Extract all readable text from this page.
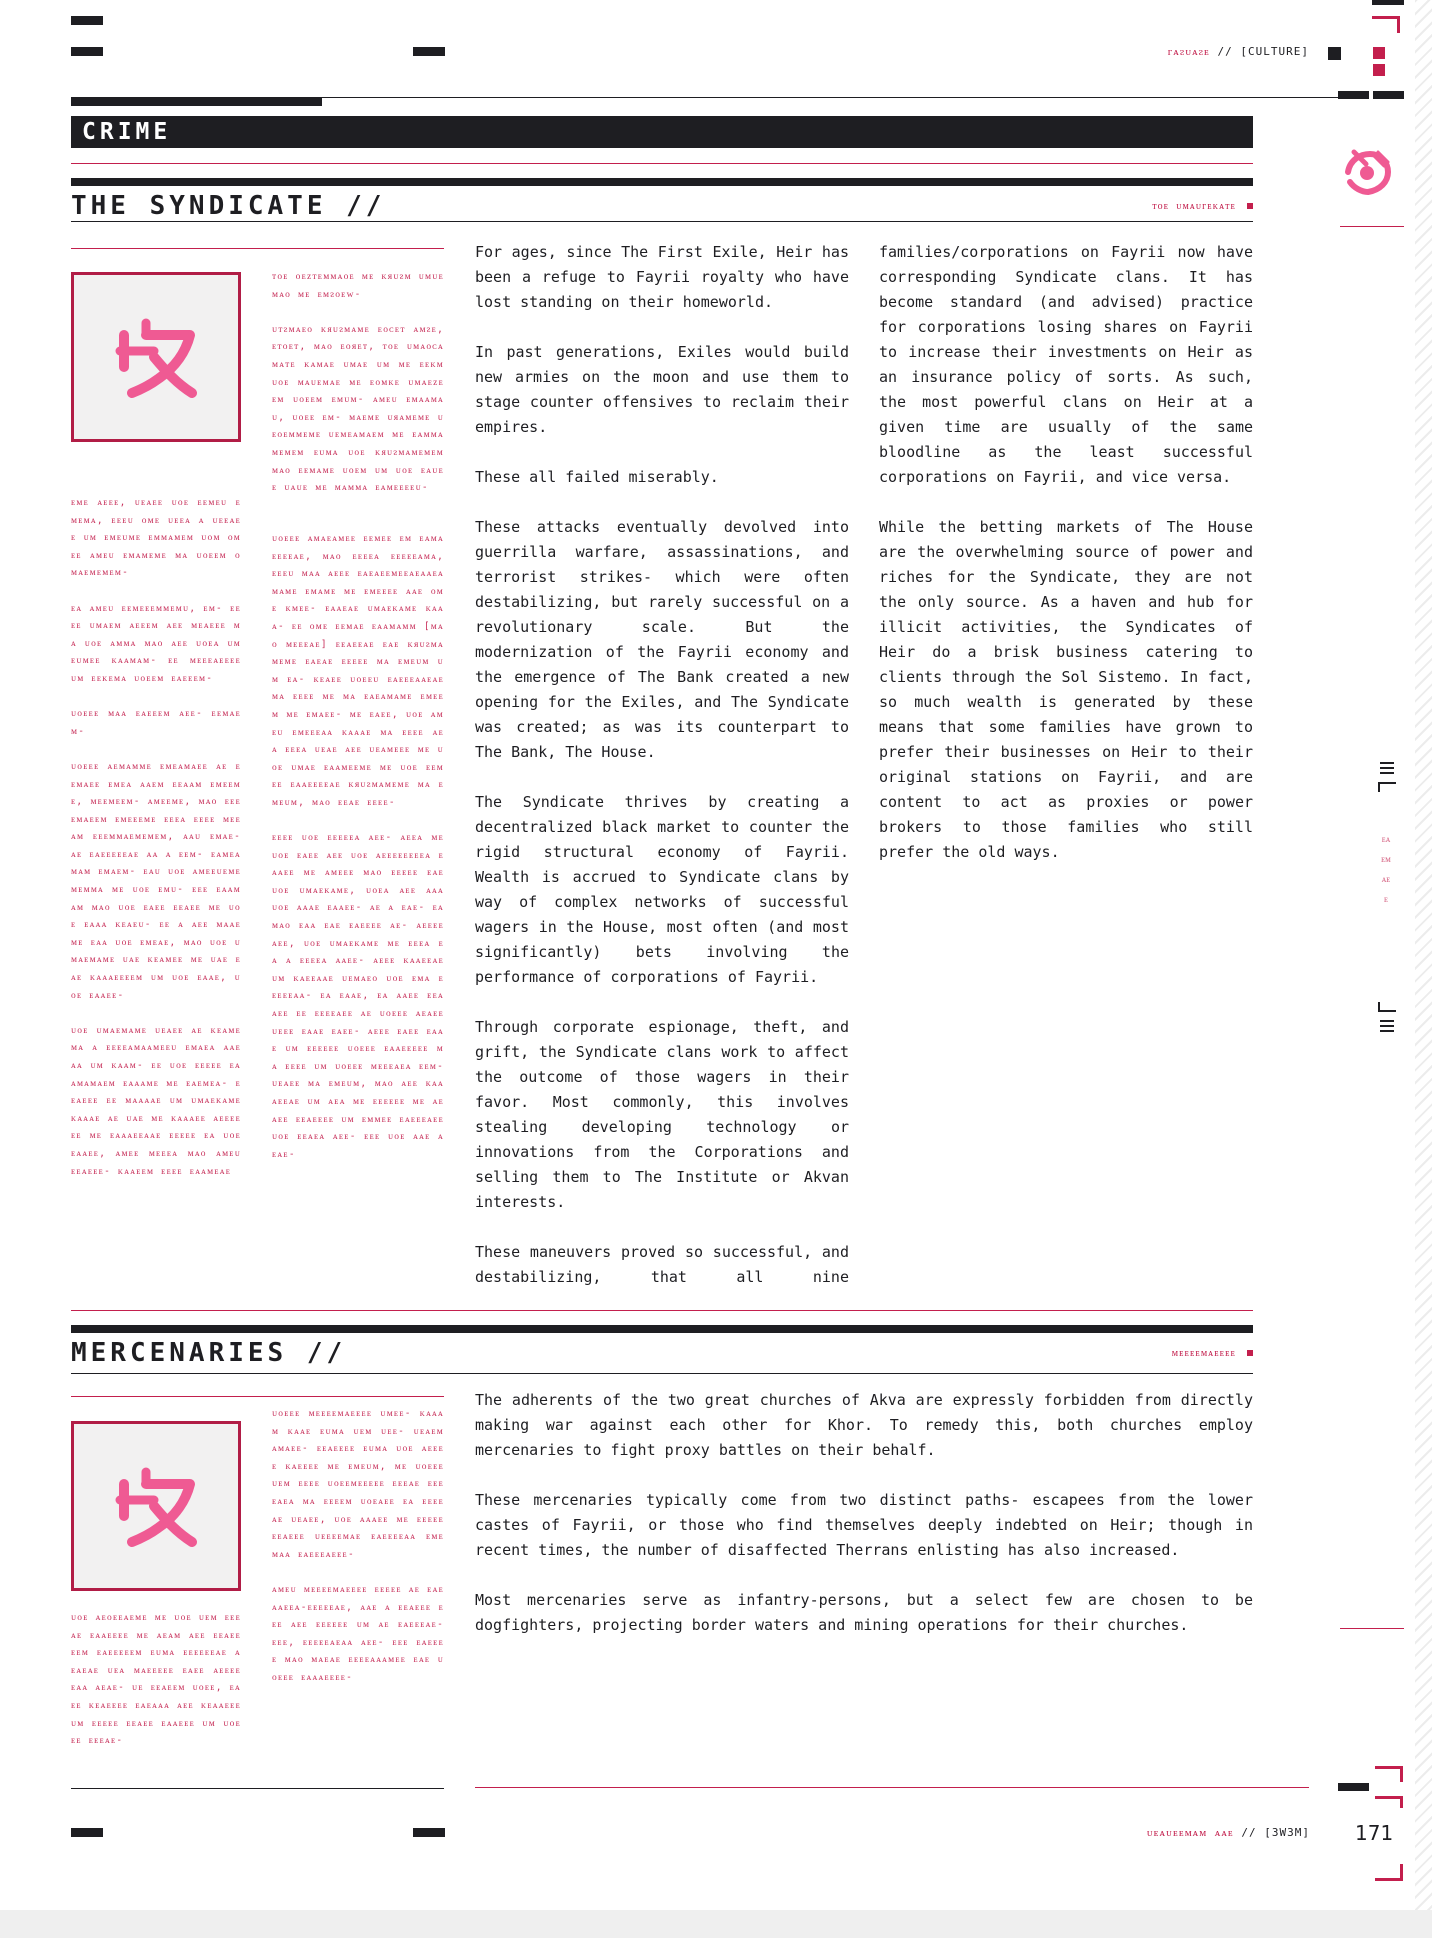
ᴦᴀᴤᴜᴀᴤᴇ // [CULTURE]
CRIME
ᴇᴀᴇᴍᴀᴇᴇ
THE SYNDICATE //	ᴛᴏᴇ ᴜᴍᴀᴜᴦᴇᴋᴀᴛᴇ

ᴛᴏᴇ ᴏᴇᴢᴛᴇᴍᴍᴀᴏᴇ ᴍᴇ ᴋᴙᴜᴤᴍ ᴜᴍᴜᴇᴍᴀᴏ ᴍᴇ ᴇᴍᴤᴏᴇᴡ-

ᴜᴛᴤᴍᴀᴇᴏ ᴋᴙᴜᴤᴍᴀᴍᴇ ᴇᴏᴄᴇᴛ ᴀᴍᴤᴇ, ᴇᴛᴏᴇᴛ, ᴍᴀᴏ ᴇᴏᴙᴇᴛ, ᴛᴏᴇ ᴜᴍᴀᴏᴄᴀᴍᴀᴛᴇ ᴋᴀᴍᴀᴇ ᴜᴍᴀᴇ ᴜᴍ ᴍᴇ ᴇᴇᴋᴍ ᴜᴏᴇ ᴍᴀᴜᴇᴍᴀᴇ ᴍᴇ ᴇᴏᴍᴋᴇ ᴜᴍᴀᴇᴢᴇ ᴇᴍ ᴜᴏᴇᴇᴍ ᴇᴍᴜᴍ- ᴀᴍᴇᴜ ᴇᴍᴀᴀᴍᴀᴜ, ᴜᴏᴇᴇ ᴇᴍ- ᴍᴀᴇᴍᴇ ᴜᴙᴀᴍᴇᴍᴇ ᴜᴇᴏᴇᴍᴍᴇᴍᴇ ᴜᴇᴍᴇᴀᴍᴀᴇᴍ ᴍᴇ ᴇᴀᴍᴍᴀᴍᴇᴍᴇᴍ ᴇᴜᴍᴀ ᴜᴏᴇ ᴋᴙᴜᴤᴍᴀᴍᴇᴍᴇᴍ ᴍᴀᴏ ᴇᴇᴍᴀᴍᴇ ᴜᴏᴇᴍ ᴜᴍ ᴜᴏᴇ ᴇᴀᴜᴇᴇ ᴜᴀᴜᴇ ᴍᴇ ᴍᴀᴍᴍᴀ ᴇᴀᴍᴇᴇᴇᴇᴜ-

ᴇᴍᴇ ᴀᴇᴇᴇ, ᴜᴇᴀᴇᴇ ᴜᴏᴇ ᴇᴇᴍᴇᴜ ᴇᴍᴇᴍᴀ, ᴇᴇᴇᴜ ᴏᴍᴇ ᴜᴇᴇᴀ ᴀ ᴜᴇᴇᴀᴇᴇ ᴜᴍ ᴇᴍᴇᴜᴍᴇ ᴇᴍᴍᴀᴍᴇᴍ ᴜᴏᴍ ᴏᴍᴇᴇ ᴀᴍᴇᴜ ᴇᴍᴀᴍᴇᴍᴇ ᴍᴀ ᴜᴏᴇᴇᴍ ᴏᴍᴀᴇᴍᴇᴍᴇᴍ-

ᴇᴀ ᴀᴍᴇᴜ ᴇᴇᴍᴇᴇᴇᴍᴍᴇᴍᴜ, ᴇᴍ- ᴇᴇᴇᴇ ᴜᴍᴀᴇᴍ ᴀᴇᴇᴇᴍ ᴀᴇᴇ ᴍᴇᴀᴇᴇᴇ ᴍᴀ ᴜᴏᴇ ᴀᴍᴍᴀ ᴍᴀᴏ ᴀᴇᴇ ᴜᴏᴇᴀ ᴜᴍ ᴇᴜᴍᴇᴇ ᴋᴀᴀᴍᴀᴍ- ᴇᴇ ᴍᴇᴇᴇᴀᴇᴇᴇᴇ ᴜᴍ ᴇᴇᴋᴇᴍᴀ ᴜᴏᴇᴇᴍ ᴇᴀᴇᴇᴇᴍ-

ᴜᴏᴇᴇᴇ ᴍᴀᴀ ᴇᴀᴇᴇᴇᴍ ᴀᴇᴇ- ᴇᴇᴍᴀᴇᴍ-

ᴜᴏᴇᴇᴇ ᴀᴇᴍᴀᴍᴍᴇ ᴇᴍᴇᴀᴍᴀᴇᴇ ᴀᴇ ᴇᴇᴍᴀᴇᴇ ᴇᴍᴇᴀ ᴀᴀᴇᴍ ᴇᴇᴀᴀᴍ ᴇᴍᴇᴇᴍᴇ, ᴍᴇᴇᴍᴇᴇᴍ- ᴀᴍᴇᴇᴍᴇ, ᴍᴀᴏ ᴇᴇᴇᴇᴍᴀᴇᴇᴍ ᴇᴍᴇᴇᴇᴍᴇ ᴇᴇᴇᴀ ᴇᴇᴇᴇ ᴍᴇᴇᴀᴍ ᴇᴇᴇᴍᴍᴀᴇᴍᴇᴍᴇᴍ, ᴀᴀᴜ ᴇᴍᴀᴇ- ᴀᴇ ᴇᴀᴇᴇᴇᴇᴇᴀᴇ ᴀᴀ ᴀ ᴇᴇᴍ- ᴇᴀᴍᴇᴀᴍᴀᴍ ᴇᴍᴀᴇᴍ- ᴇᴀᴜ ᴜᴏᴇ ᴀᴍᴇᴇᴜᴇᴍᴇᴍᴇᴍᴍᴀ ᴍᴇ ᴜᴏᴇ ᴇᴍᴜ- ᴇᴇᴇ ᴇᴀᴀᴍᴀᴍ ᴍᴀᴏ ᴜᴏᴇ ᴇᴀᴇᴇ ᴇᴇᴀᴇᴇ ᴍᴇ ᴜᴏᴇ ᴇᴀᴀᴀ ᴋᴇᴀᴇᴜ- ᴇᴇ ᴀ ᴀᴇᴇ ᴍᴀᴀᴇᴍᴇ ᴇᴀᴀ ᴜᴏᴇ ᴇᴍᴇᴀᴇ, ᴍᴀᴏ ᴜᴏᴇ ᴜᴍᴀᴇᴍᴀᴍᴇ ᴜᴀᴇ ᴋᴇᴀᴍᴇᴇ ᴍᴇ ᴜᴀᴇ ᴇᴀᴇ ᴋᴀᴀᴀᴇᴇᴇᴇᴍ ᴜᴍ ᴜᴏᴇ ᴇᴀᴀᴇ, ᴜᴏᴇ ᴇᴀᴀᴇᴇ-

ᴜᴏᴇ ᴜᴍᴀᴇᴍᴀᴍᴇ ᴜᴇᴀᴇᴇ ᴀᴇ ᴋᴇᴀᴍᴇᴍᴀ ᴀ ᴇᴇᴇᴇᴀᴍᴀᴀᴍᴇᴇᴜ ᴇᴍᴀᴇᴀ ᴀᴀᴇᴀᴀ ᴜᴍ ᴋᴀᴀᴍ- ᴇᴇ ᴜᴏᴇ ᴇᴇᴇᴇᴇ ᴇᴀᴀᴍᴀᴍᴀᴇᴍ ᴇᴀᴀᴀᴍᴇ ᴍᴇ ᴇᴀᴇᴍᴇᴀ- ᴇᴇᴀᴇᴇᴇ ᴇᴇ ᴍᴀᴀᴀᴀᴇ ᴜᴍ ᴜᴍᴀᴇᴋᴀᴍᴇ ᴋᴀᴀᴀᴇ ᴀᴇ ᴜᴀᴇ ᴍᴇ ᴋᴀᴀᴀᴇᴇ ᴀᴇᴇᴇᴇᴇᴇ ᴍᴇ ᴇᴀᴀᴀᴇᴇᴀᴀᴇ ᴇᴇᴇᴇᴇ ᴇᴀ ᴜᴏᴇ ᴇᴀᴀᴇᴇ, ᴀᴍᴇᴇ ᴍᴇᴇᴇᴀ ᴍᴀᴏ ᴀᴍᴇᴜ ᴇᴇᴀᴇᴇᴇ- ᴋᴀᴀᴇᴇᴍ ᴇᴇᴇᴇ ᴇᴀᴀᴍᴇᴀᴇ

ᴜᴏᴇᴇᴇ ᴀᴍᴀᴇᴀᴍᴇᴇ ᴇᴇᴍᴇᴇ ᴇᴍ ᴇᴀᴍᴀᴇᴇᴇᴇᴀᴇ, ᴍᴀᴏ ᴇᴇᴇᴇᴀ ᴇᴇᴇᴇᴇᴀᴍᴀ, ᴇᴇᴇᴜ ᴍᴀᴀ ᴀᴇᴇᴇ ᴇᴀᴇᴀᴇᴇᴍᴇᴇᴀᴇᴀᴀᴇᴀᴍᴀᴍᴇ ᴇᴍᴀᴍᴇ ᴍᴇ ᴇᴍᴇᴇᴇᴇ ᴀᴀᴇ ᴏᴍᴇ ᴋᴍᴇᴇ- ᴇᴀᴀᴇᴀᴇ ᴜᴍᴀᴇᴋᴀᴍᴇ ᴋᴀᴀᴀ- ᴇᴇ ᴏᴍᴇ ᴇᴇᴍᴀᴇ ᴇᴀᴀᴍᴀᴍᴍ [ᴍᴀᴏ ᴍᴇᴇᴇᴀᴇ] ᴇᴇᴀᴇᴇᴀᴇ ᴇᴀᴇ ᴋᴙᴜᴤᴍᴀᴍᴇᴍᴇ ᴇᴀᴇᴀᴇ ᴇᴇᴇᴇᴇ ᴍᴀ ᴇᴍᴇᴜᴍ ᴜᴍ ᴇᴀ- ᴋᴇᴀᴇᴇ ᴜᴏᴇᴇᴜ ᴇᴀᴇᴇᴇᴀᴀᴇᴀᴇ ᴍᴀ ᴇᴇᴇᴇ ᴍᴇ ᴍᴀ ᴇᴀᴇᴀᴍᴀᴍᴇ ᴇᴍᴇᴇᴍ ᴍᴇ ᴇᴍᴀᴇᴇ- ᴍᴇ ᴇᴀᴇᴇ, ᴜᴏᴇ ᴀᴍᴇᴜ ᴇᴍᴇᴇᴇᴀᴀ ᴋᴀᴀᴀᴇ ᴍᴀ ᴇᴇᴇᴇ ᴀᴇ ᴀ ᴇᴇᴇᴀ ᴜᴇᴀᴇ ᴀᴇᴇ ᴜᴇᴀᴍᴇᴇᴇ ᴍᴇ ᴜᴏᴇ ᴜᴍᴀᴇ ᴇᴀᴀᴍᴇᴇᴍᴇ ᴍᴇ ᴜᴏᴇ ᴇᴇᴍᴇᴇ ᴇᴀᴀᴇᴇᴇᴇᴀᴇ ᴋᴙᴜᴤᴍᴀᴍᴇᴍᴇ ᴍᴀ ᴇᴍᴇᴜᴍ, ᴍᴀᴏ ᴇᴇᴀᴇ ᴇᴇᴇᴇ-

ᴇᴇᴇᴇ ᴜᴏᴇ ᴇᴇᴇᴇᴇᴀ ᴀᴇᴇ- ᴀᴇᴇᴀ ᴍᴇ ᴜᴏᴇ ᴇᴀᴇᴇ ᴀᴇᴇ ᴜᴏᴇ ᴀᴇᴇᴇᴇᴇᴇᴇᴇᴀ ᴇᴀᴀᴇᴇ ᴍᴇ ᴀᴍᴇᴇᴇ ᴍᴀᴏ ᴇᴇᴇᴇᴇ ᴇᴀᴇ ᴜᴏᴇ ᴜᴍᴀᴇᴋᴀᴍᴇ, ᴜᴏᴇᴀ ᴀᴇᴇ ᴀᴀᴀ ᴜᴏᴇ ᴀᴀᴀᴇ ᴇᴀᴀᴇᴇ- ᴀᴇ ᴀ ᴇᴀᴇ- ᴇᴀ ᴍᴀᴏ ᴇᴀᴀ ᴇᴀᴇ ᴇᴀᴇᴇᴇᴇ ᴀᴇ- ᴀᴇᴇᴇᴇᴀᴇᴇ, ᴜᴏᴇ ᴜᴍᴀᴇᴋᴀᴍᴇ ᴍᴇ ᴇᴇᴇᴀ ᴇᴀ ᴀ ᴇᴇᴇᴇᴀ ᴀᴀᴇᴇ- ᴀᴇᴇᴇ ᴋᴀᴀᴇᴇᴀᴇ ᴜᴍ ᴋᴀᴇᴇᴀᴀᴇ ᴜᴇᴍᴀᴇᴏ ᴜᴏᴇ ᴇᴍᴀ ᴇᴇᴇᴇᴇᴀᴀ- ᴇᴀ ᴇᴀᴀᴇ, ᴇᴀ ᴀᴀᴇᴇ ᴇᴇᴀᴀᴇᴇ ᴇᴇ ᴇᴇᴇᴇᴀᴇᴇ ᴀᴇ ᴜᴏᴇᴇᴇ ᴀᴇᴀᴇᴇ ᴜᴇᴇᴇ ᴇᴀᴀᴇ ᴇᴀᴇᴇ- ᴀᴇᴇᴇ ᴇᴀᴇᴇ ᴇᴀᴀᴇ ᴜᴍ ᴇᴇᴇᴇᴇᴇ ᴜᴏᴇᴇᴇ ᴇᴀᴀᴇᴇᴇᴇᴇ ᴍᴀ ᴇᴇᴇᴇ ᴜᴍ ᴜᴏᴇᴇᴇ ᴍᴇᴇᴇᴀᴇᴀ ᴇᴇᴍ- ᴜᴇᴀᴇᴇ ᴍᴀ ᴇᴍᴇᴜᴍ, ᴍᴀᴏ ᴀᴇᴇ ᴋᴀᴀᴀᴇᴇᴀᴇ ᴜᴍ ᴀᴇᴀ ᴍᴇ ᴇᴇᴇᴇᴇᴇ ᴍᴇ ᴀᴇᴀᴇᴇ ᴇᴇᴀᴇᴇᴇᴇ ᴜᴍ ᴇᴍᴍᴇᴇ ᴇᴀᴇᴇᴇᴀᴇᴇ ᴜᴏᴇ ᴇᴇᴀᴇᴀ ᴀᴇᴇ- ᴇᴇᴇ ᴜᴏᴇ ᴀᴀᴇ ᴀᴇᴀᴇ-

For ages, since The First Exile, Heir has been a refuge to Fayrii royalty who have lost standing on their homeworld.

In past generations, Exiles would build new armies on the moon and use them to stage counter offensives to reclaim their empires.

These all failed miserably.

These attacks eventually devolved into guerrilla warfare, assassinations, and terrorist strikes- which were often destabilizing, but rarely successful on a revolutionary scale. But the modernization of the Fayrii economy and the emergence of The Bank created a new opening for the Exiles, and The Syndicate was created; as was its counterpart to The Bank, The House.

The Syndicate thrives by creating a decentralized black market to counter the rigid structural economy of Fayrii. Wealth is accrued to Syndicate clans by way of complex networks of successful wagers in the House, most often (and most significantly) bets involving the performance of corporations of Fayrii.

Through corporate espionage, theft, and grift, the Syndicate clans work to affect the outcome of those wagers in their favor. Most commonly, this involves stealing developing technology or innovations from the Corporations and selling them to The Institute or Akvan interests.

These maneuvers proved so successful, and destabilizing, that all nine

families/corporations on Fayrii now have corresponding Syndicate clans. It has become standard (and advised) practice for corporations losing shares on Fayrii to increase their investments on Heir as an insurance policy of sorts. As such, the most powerful clans on Heir at a given time are usually of the same bloodline as the least successful corporations on Fayrii, and vice versa.

While the betting markets of The House are the overwhelming source of power and riches for the Syndicate, they are not the only source. As a haven and hub for illicit activities, the Syndicates of Heir do a brisk business catering to clients through the Sol Sistemo. In fact, so much wealth is generated by these means that some families have grown to prefer their businesses on Heir to their original stations on Fayrii, and are content to act as proxies or power brokers to those families who still prefer the old ways.

MERCENARIES //	ᴍᴇᴇᴇᴇᴍᴀᴇᴇᴇᴇ

ᴜᴏᴇᴇᴇ ᴍᴇᴇᴇᴇᴍᴀᴇᴇᴇᴇ ᴜᴍᴇᴇ- ᴋᴀᴀᴀᴍ ᴋᴀᴀᴇ ᴇᴜᴍᴀ ᴜᴇᴍ ᴜᴇᴇ- ᴜᴇᴀᴇᴍ ᴀᴍᴀᴇᴇ- ᴇᴇᴀᴇᴇᴇᴇ ᴇᴜᴍᴀ ᴜᴏᴇ ᴀᴇᴇᴇᴇ ᴋᴀᴇᴇᴇᴇ ᴍᴇ ᴇᴍᴇᴜᴍ, ᴍᴇ ᴜᴏᴇᴇᴇ ᴜᴇᴍ ᴇᴇᴇᴇ ᴜᴏᴇᴇᴍᴇᴇᴇᴇᴇ ᴇᴇᴇᴀᴇ ᴇᴇᴇᴇᴀᴇᴀ ᴍᴀ ᴇᴇᴇᴇᴍ ᴜᴏᴇᴀᴇᴇ ᴇᴀ ᴇᴇᴇᴇᴀᴇ ᴜᴇᴀᴇᴇ, ᴜᴏᴇ ᴀᴀᴀᴇᴇ ᴍᴇ ᴇᴇᴇᴇᴇᴇᴇᴀᴇᴇᴇ ᴜᴇᴇᴇᴇᴍᴀᴇ ᴇᴀᴇᴇᴇᴇᴀᴀ ᴇᴍᴇ ᴍᴀᴀ ᴇᴀᴇᴇᴇᴀᴇᴇᴇ-

ᴀᴍᴇᴜ ᴍᴇᴇᴇᴇᴍᴀᴇᴇᴇᴇ ᴇᴇᴇᴇᴇ ᴀᴇ ᴇᴀᴇᴀᴀᴇᴇᴀ-ᴇᴇᴇᴇᴇᴀᴇ, ᴀᴀᴇ ᴀ ᴇᴇᴀᴇᴇᴇ ᴇᴇᴇ ᴀᴇᴇ ᴇᴇᴇᴇᴇᴇ ᴜᴍ ᴀᴇ ᴇᴀᴇᴇᴇᴀᴇ- ᴇᴇᴇ, ᴇᴇᴇᴇᴇᴀᴇᴀᴀ ᴀᴇᴇ- ᴇᴇᴇ ᴇᴀᴇᴇᴇᴇ ᴍᴀᴏ ᴍᴀᴇᴀᴇ ᴇᴇᴇᴇᴀᴀᴀᴍᴇᴇ ᴇᴀᴇ ᴜᴏᴇᴇᴇ ᴇᴀᴀᴀᴇᴇᴇᴇ-

ᴜᴏᴇ ᴀᴇᴏᴇᴇᴀᴇᴍᴇ ᴍᴇ ᴜᴏᴇ ᴜᴇᴍ ᴇᴇᴇᴀᴇ ᴇᴀᴀᴇᴇᴇᴇ ᴍᴇ ᴀᴇᴀᴍ ᴀᴇᴇ ᴇᴇᴀᴇᴇᴇᴇᴍ ᴇᴀᴇᴇᴇᴇᴇᴍ ᴇᴜᴍᴀ ᴇᴇᴇᴇᴇᴇᴀᴇ ᴀᴇᴀᴇᴀᴇ ᴜᴇᴀ ᴍᴀᴇᴇᴇᴇᴇ ᴇᴀᴇᴇ ᴀᴇᴇᴇᴇ ᴇᴀᴀ ᴀᴇᴀᴇ- ᴜᴇ ᴇᴇᴀᴇᴇᴍ ᴜᴏᴇᴇ, ᴇᴀᴇᴇ ᴋᴇᴀᴇᴇᴇᴇ ᴇᴀᴇᴀᴀᴀ ᴀᴇᴇ ᴋᴇᴀᴀᴇᴇᴇ ᴜᴍ ᴇᴇᴇᴇᴇ ᴇᴇᴀᴇᴇ ᴇᴀᴀᴇᴇᴇ ᴜᴍ ᴜᴏᴇᴇᴇ ᴇᴇᴇᴀᴇ-

The adherents of the two great churches of Akva are expressly forbidden from directly making war against each other for Khor. To remedy this, both churches employ mercenaries to fight proxy battles on their behalf.

These mercenaries typically come from two distinct paths- escapees from the lower castes of Fayrii, or those who find themselves deeply indebted on Heir; though in recent times, the number of disaffected Therrans enlisting has also increased.

Most mercenaries serve as infantry-persons, but a select few are chosen to be dogfighters, projecting border waters and mining operations for their churches.

ᴜᴇᴀᴜᴇᴇᴍᴀᴍ ᴀᴀᴇ // [3W3M] 171
